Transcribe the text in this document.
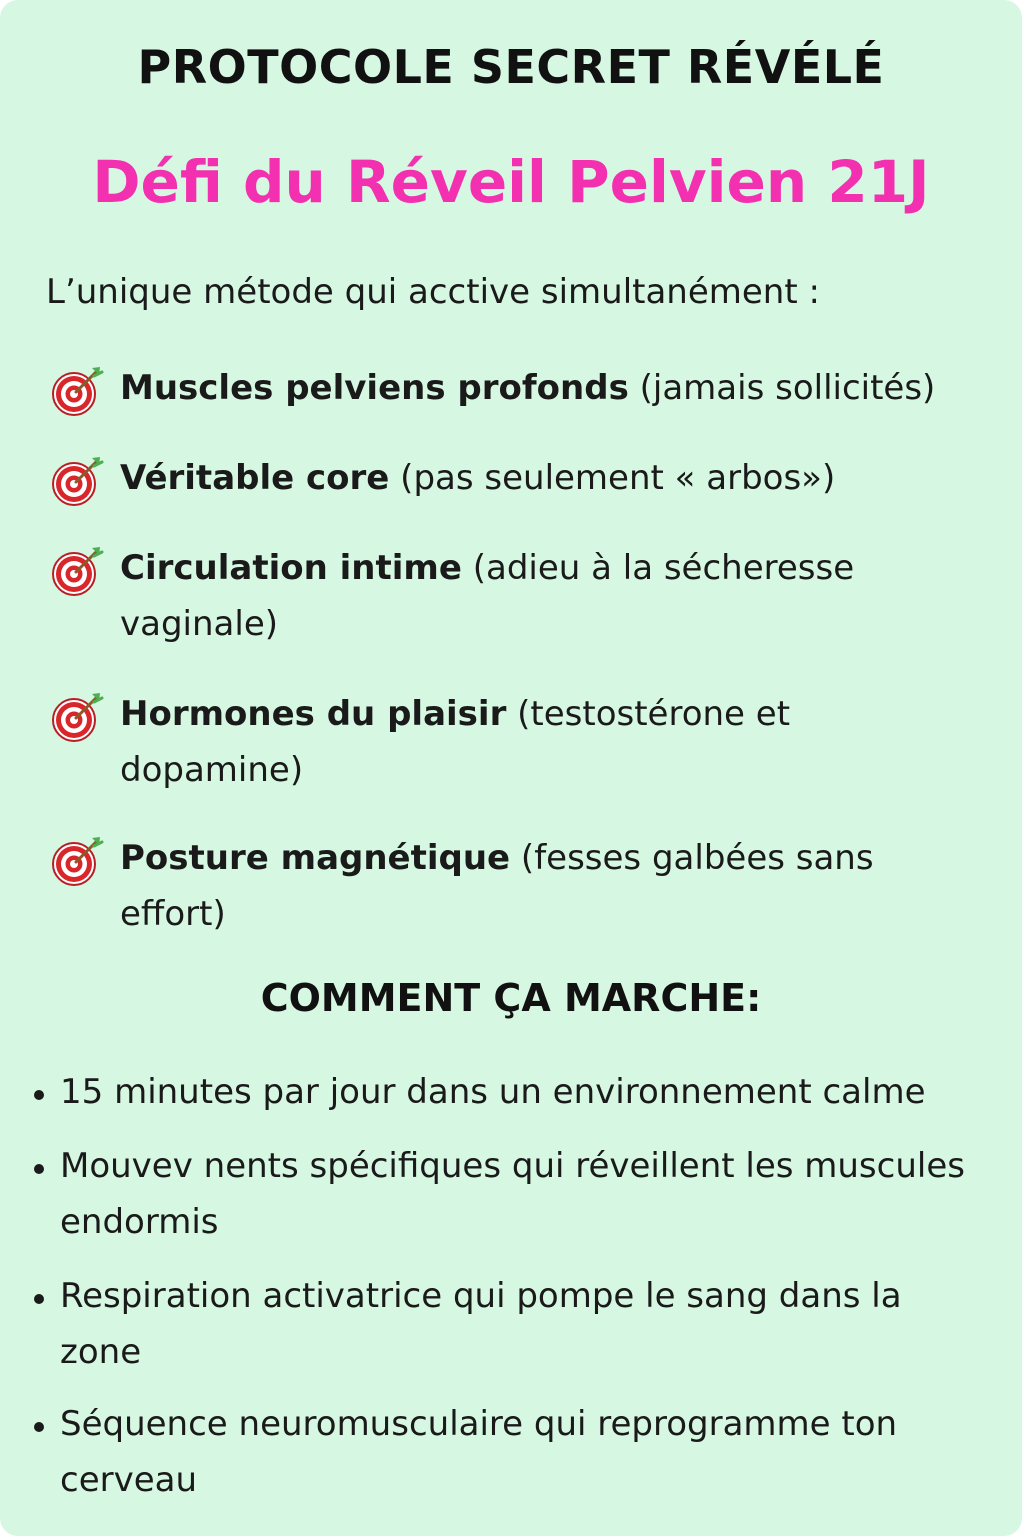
PROTOCOLE SECRET RÉVÉLÉ
Défi du Réveil Pelvien 21J
L’unique métode qui acctive simultanément :
Muscles pelviens profonds (jamais sollicités)
Véritable core (pas seulement « arbos»)
Circulation intime (adieu à la sécheresse vaginale)
Hormones du plaisir (testostérone et dopamine)
Posture magnétique (fesses galbées sans effort)
COMMENT ÇA MARCHE:
15 minutes par jour dans un environnement calme
Mouvev nents spécifiques qui réveillent les muscules endormis
Respiration activatrice qui pompe le sang dans la zone
Séquence neuromusculaire qui reprogramme ton cerveau
